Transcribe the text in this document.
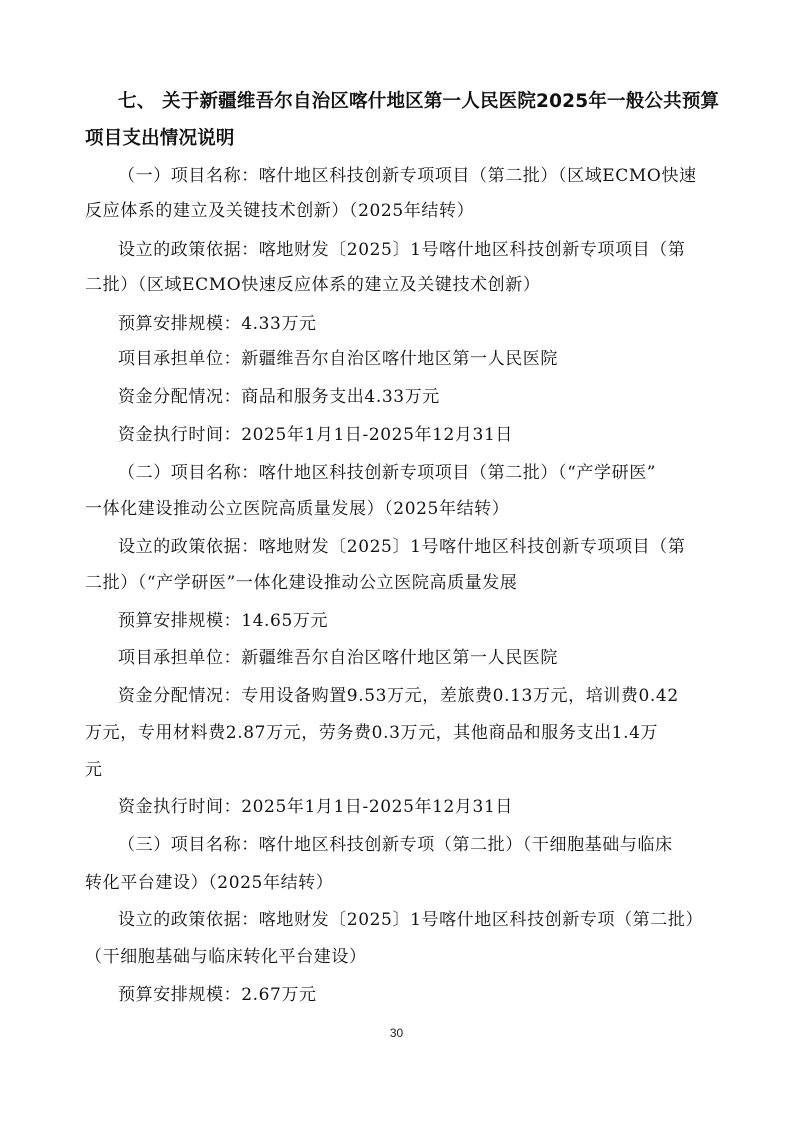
七、 关于新疆维吾尔自治区喀什地区第一人民医院2025年一般公共预算
项目支出情况说明
（一）项目名称：喀什地区科技创新专项项目（第二批）（区域ECMO快速
反应体系的建立及关键技术创新）（2025年结转）
设立的政策依据：喀地财发〔2025〕1号喀什地区科技创新专项项目（第
二批）（区域ECMO快速反应体系的建立及关键技术创新）
预算安排规模：4.33万元
项目承担单位：新疆维吾尔自治区喀什地区第一人民医院
资金分配情况：商品和服务支出4.33万元
资金执行时间：2025年1月1日-2025年12月31日
（二）项目名称：喀什地区科技创新专项项目（第二批）（“产学研医”
一体化建设推动公立医院高质量发展）（2025年结转）
设立的政策依据：喀地财发〔2025〕1号喀什地区科技创新专项项目（第
二批）（“产学研医”一体化建设推动公立医院高质量发展
预算安排规模：14.65万元
项目承担单位：新疆维吾尔自治区喀什地区第一人民医院
资金分配情况：专用设备购置9.53万元，差旅费0.13万元，培训费0.42
万元，专用材料费2.87万元，劳务费0.3万元，其他商品和服务支出1.4万
元
资金执行时间：2025年1月1日-2025年12月31日
（三）项目名称：喀什地区科技创新专项（第二批）（干细胞基础与临床
转化平台建设）（2025年结转）
设立的政策依据：喀地财发〔2025〕1号喀什地区科技创新专项（第二批）
（干细胞基础与临床转化平台建设）
预算安排规模：2.67万元
30
